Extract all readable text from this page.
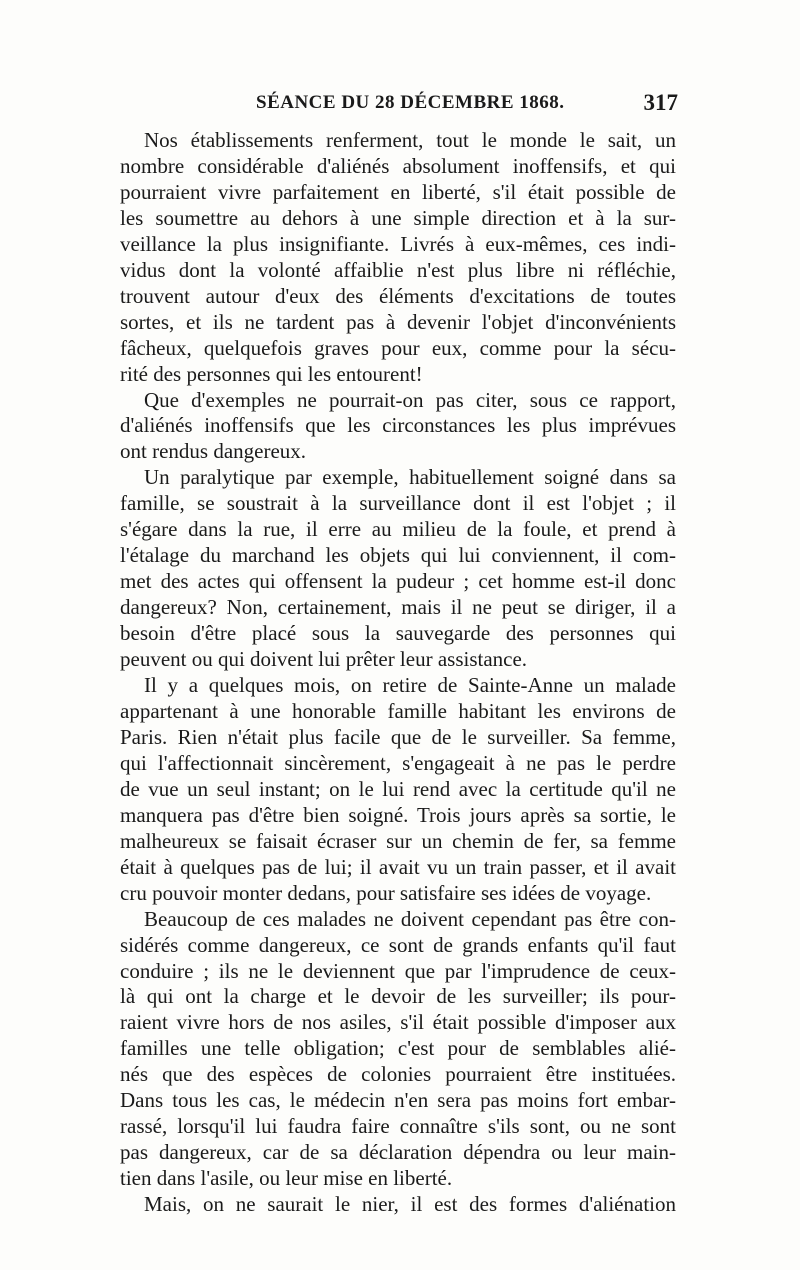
SÉANCE DU 28 DÉCEMBRE 1868.	317
Nos établissements renferment, tout le monde le sait, un
nombre considérable d'aliénés absolument inoffensifs, et qui
pourraient vivre parfaitement en liberté, s'il était possible de
les soumettre au dehors à une simple direction et à la sur-
veillance la plus insignifiante. Livrés à eux-mêmes, ces indi-
vidus dont la volonté affaiblie n'est plus libre ni réfléchie,
trouvent autour d'eux des éléments d'excitations de toutes
sortes, et ils ne tardent pas à devenir l'objet d'inconvénients
fâcheux, quelquefois graves pour eux, comme pour la sécu-
rité des personnes qui les entourent!
Que d'exemples ne pourrait-on pas citer, sous ce rapport,
d'aliénés inoffensifs que les circonstances les plus imprévues
ont rendus dangereux.
Un paralytique par exemple, habituellement soigné dans sa
famille, se soustrait à la surveillance dont il est l'objet ; il
s'égare dans la rue, il erre au milieu de la foule, et prend à
l'étalage du marchand les objets qui lui conviennent, il com-
met des actes qui offensent la pudeur ; cet homme est-il donc
dangereux? Non, certainement, mais il ne peut se diriger, il a
besoin d'être placé sous la sauvegarde des personnes qui
peuvent ou qui doivent lui prêter leur assistance.
Il y a quelques mois, on retire de Sainte-Anne un malade
appartenant à une honorable famille habitant les environs de
Paris. Rien n'était plus facile que de le surveiller. Sa femme,
qui l'affectionnait sincèrement, s'engageait à ne pas le perdre
de vue un seul instant; on le lui rend avec la certitude qu'il ne
manquera pas d'être bien soigné. Trois jours après sa sortie, le
malheureux se faisait écraser sur un chemin de fer, sa femme
était à quelques pas de lui; il avait vu un train passer, et il avait
cru pouvoir monter dedans, pour satisfaire ses idées de voyage.
Beaucoup de ces malades ne doivent cependant pas être con-
sidérés comme dangereux, ce sont de grands enfants qu'il faut
conduire ; ils ne le deviennent que par l'imprudence de ceux-
là qui ont la charge et le devoir de les surveiller; ils pour-
raient vivre hors de nos asiles, s'il était possible d'imposer aux
familles une telle obligation; c'est pour de semblables alié-
nés que des espèces de colonies pourraient être instituées.
Dans tous les cas, le médecin n'en sera pas moins fort embar-
rassé, lorsqu'il lui faudra faire connaître s'ils sont, ou ne sont
pas dangereux, car de sa déclaration dépendra ou leur main-
tien dans l'asile, ou leur mise en liberté.
Mais, on ne saurait le nier, il est des formes d'aliénation
